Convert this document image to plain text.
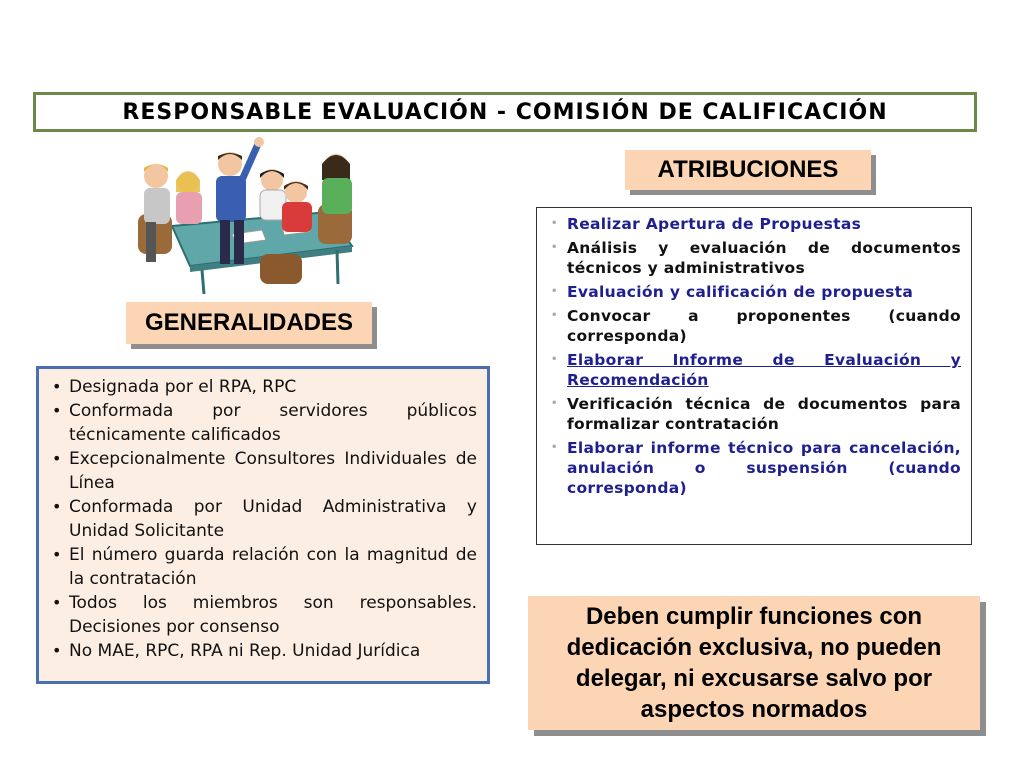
RESPONSABLE EVALUACIÓN - COMISIÓN DE CALIFICACIÓN
ATRIBUCIONES
• Realizar Apertura de Propuestas
• Análisis y evaluación de documentos técnicos y administrativos
• Evaluación y calificación de propuesta
• Convocar a proponentes (cuando corresponda)
• Elaborar Informe de Evaluación y Recomendación
• Verificación técnica de documentos para formalizar contratación
• Elaborar informe técnico para cancelación, anulación o suspensión (cuando corresponda)
GENERALIDADES
• Designada por el RPA, RPC
• Conformada por servidores públicos técnicamente calificados
• Excepcionalmente Consultores Individuales de Línea
• Conformada por Unidad Administrativa y Unidad Solicitante
• El número guarda relación con la magnitud de la contratación
• Todos los miembros son responsables. Decisiones por consenso
• No MAE, RPC, RPA ni Rep. Unidad Jurídica
Deben cumplir funciones con dedicación exclusiva, no pueden delegar, ni excusarse salvo por aspectos normados
